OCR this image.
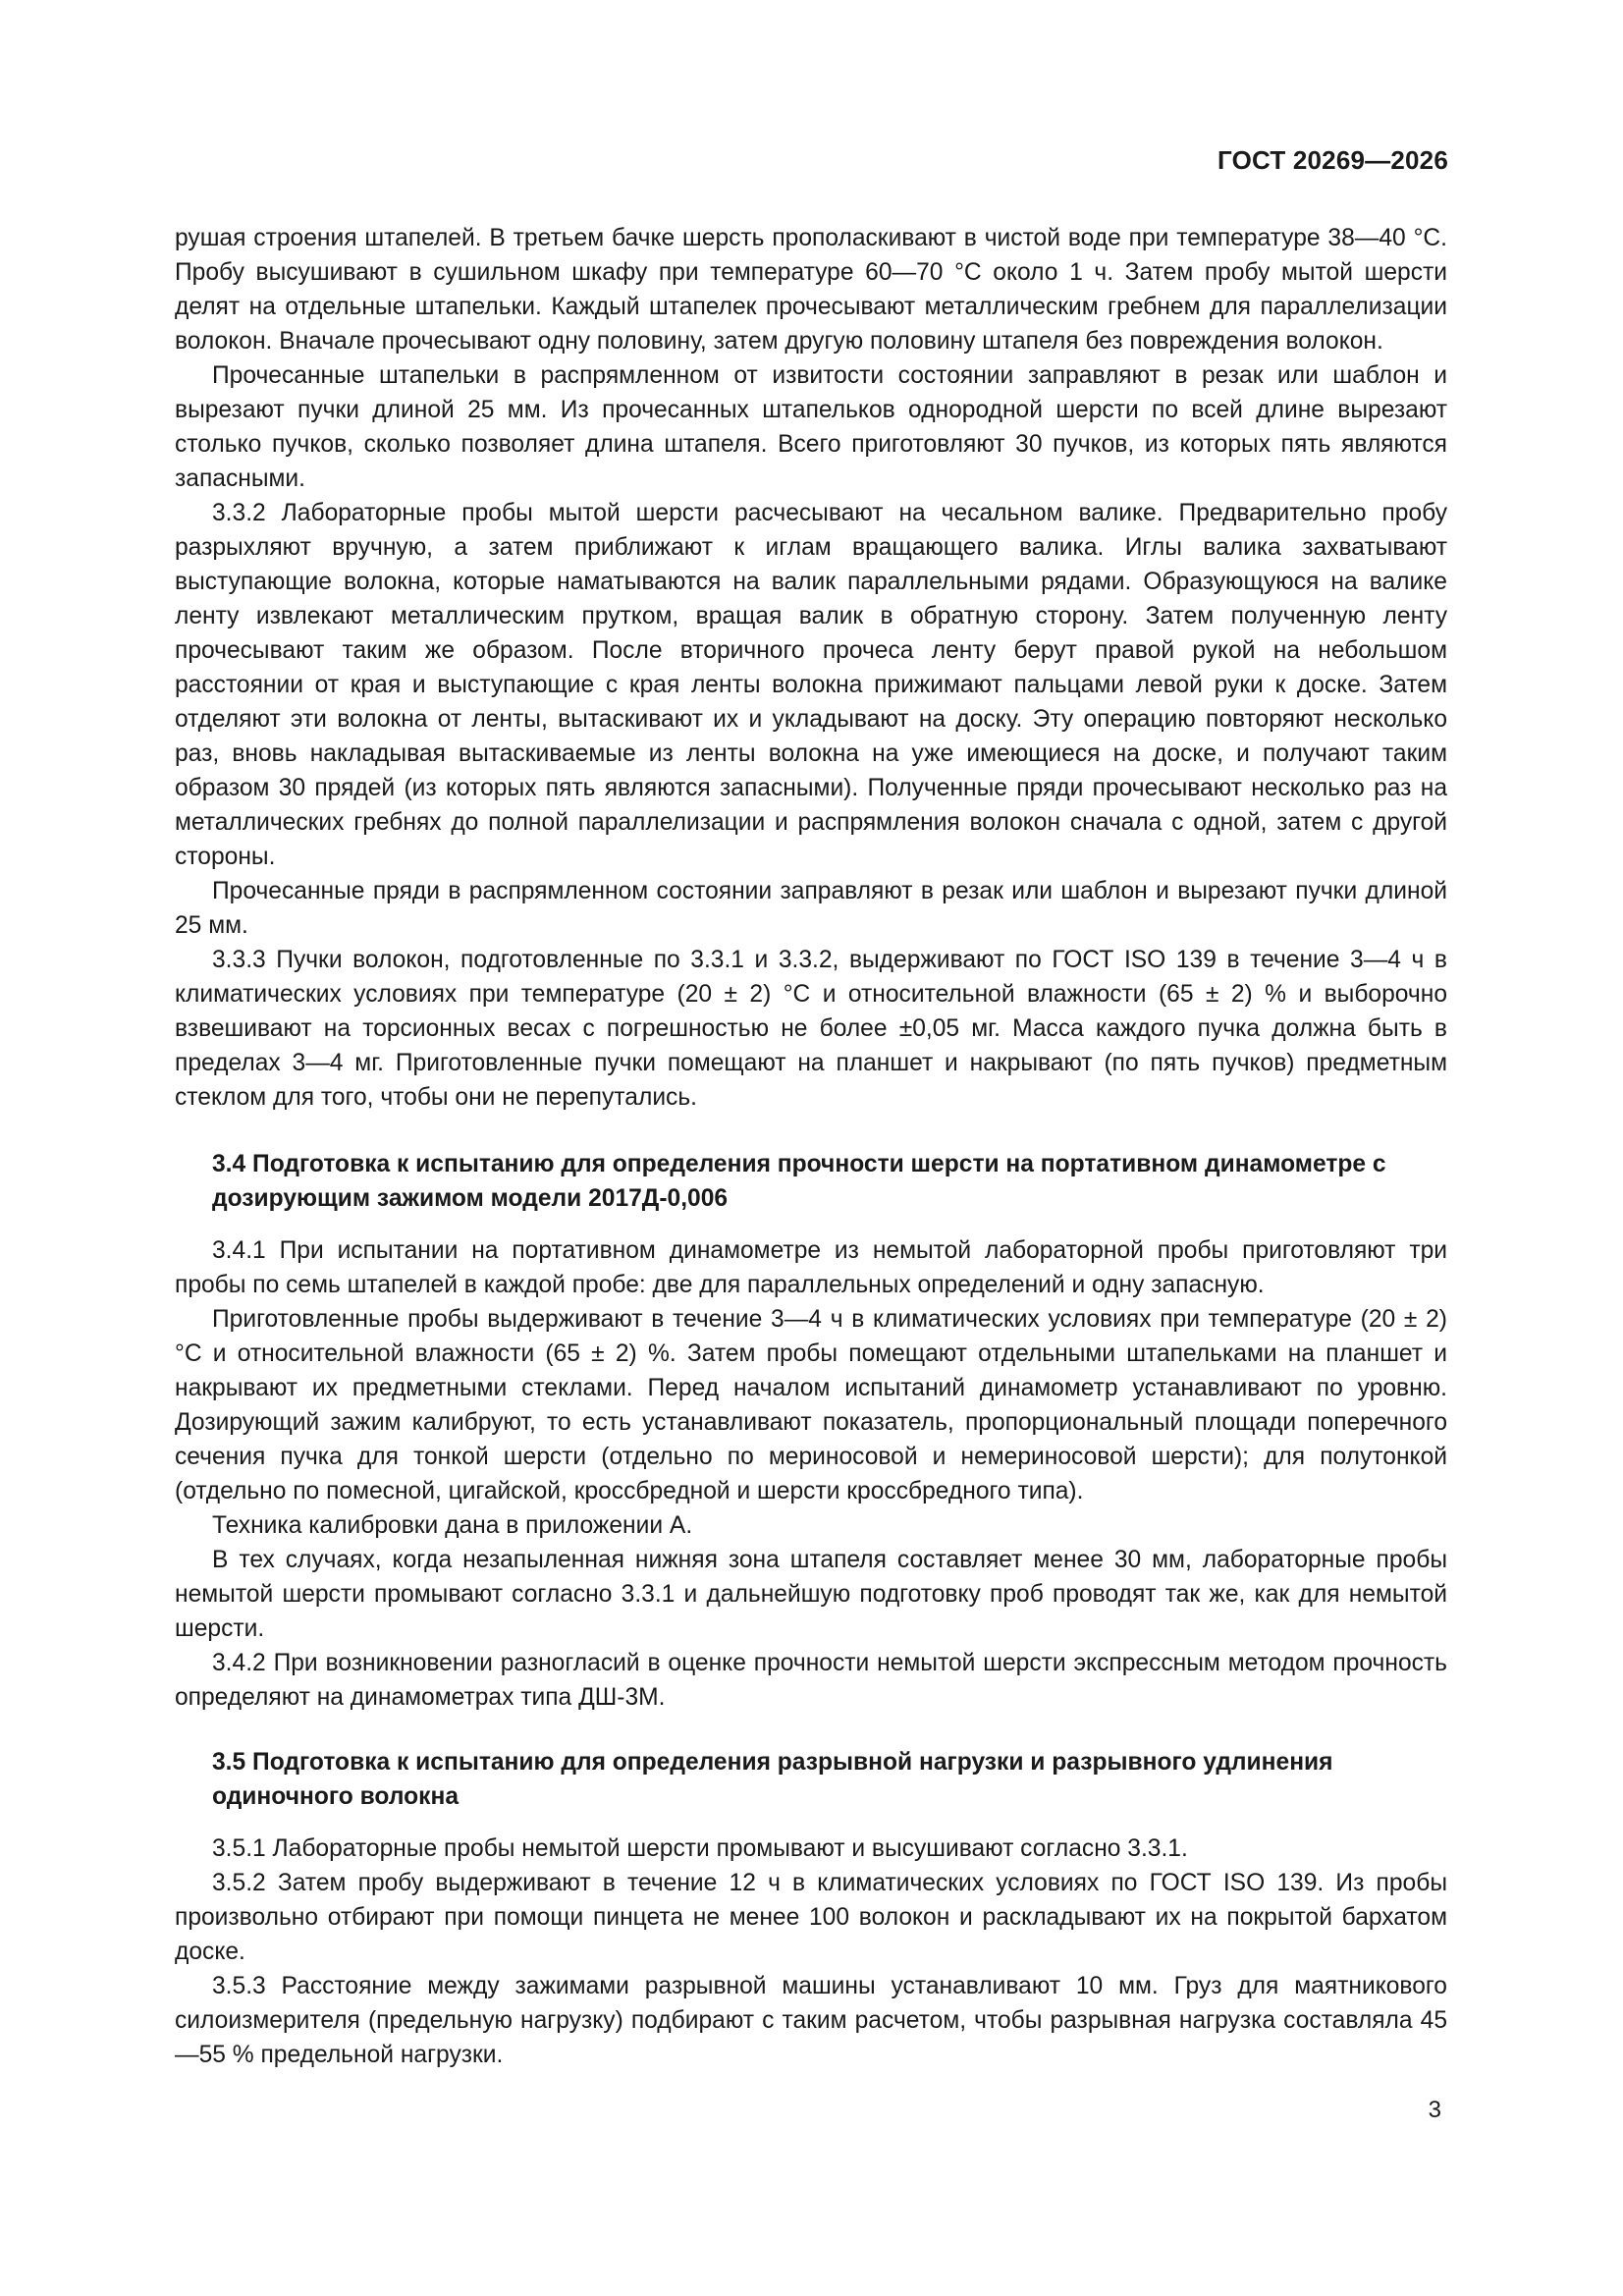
ГОСТ 20269—2026

рушая строения штапелей. В третьем бачке шерсть прополаскивают в чистой воде при температуре 38—40 °С. Пробу высушивают в сушильном шкафу при температуре 60—70 °С около 1 ч. Затем пробу мытой шерсти делят на отдельные штапельки. Каждый штапелек прочесывают металлическим гребнем для параллелизации волокон. Вначале прочесывают одну половину, затем другую половину штапеля без повреждения волокон.

Прочесанные штапельки в распрямленном от извитости состоянии заправляют в резак или шаблон и вырезают пучки длиной 25 мм. Из прочесанных штапельков однородной шерсти по всей длине вырезают столько пучков, сколько позволяет длина штапеля. Всего приготовляют 30 пучков, из которых пять являются запасными.

3.3.2 Лабораторные пробы мытой шерсти расчесывают на чесальном валике. Предварительно пробу разрыхляют вручную, а затем приближают к иглам вращающего валика. Иглы валика захватывают выступающие волокна, которые наматываются на валик параллельными рядами. Образующуюся на валике ленту извлекают металлическим прутком, вращая валик в обратную сторону. Затем полученную ленту прочесывают таким же образом. После вторичного прочеса ленту берут правой рукой на небольшом расстоянии от края и выступающие с края ленты волокна прижимают пальцами левой руки к доске. Затем отделяют эти волокна от ленты, вытаскивают их и укладывают на доску. Эту операцию повторяют несколько раз, вновь накладывая вытаскиваемые из ленты волокна на уже имеющиеся на доске, и получают таким образом 30 прядей (из которых пять являются запасными). Полученные пряди прочесывают несколько раз на металлических гребнях до полной параллелизации и распрямления волокон сначала с одной, затем с другой стороны.

Прочесанные пряди в распрямленном состоянии заправляют в резак или шаблон и вырезают пучки длиной 25 мм.

3.3.3 Пучки волокон, подготовленные по 3.3.1 и 3.3.2, выдерживают по ГОСТ ISO 139 в течение 3—4 ч в климатических условиях при температуре (20 ± 2) °С и относительной влажности (65 ± 2) % и выборочно взвешивают на торсионных весах с погрешностью не более ±0,05 мг. Масса каждого пучка должна быть в пределах 3—4 мг. Приготовленные пучки помещают на планшет и накрывают (по пять пучков) предметным стеклом для того, чтобы они не перепутались.

3.4 Подготовка к испытанию для определения прочности шерсти на портативном динамометре с дозирующим зажимом модели 2017Д-0,006

3.4.1 При испытании на портативном динамометре из немытой лабораторной пробы приготовляют три пробы по семь штапелей в каждой пробе: две для параллельных определений и одну запасную.

Приготовленные пробы выдерживают в течение 3—4 ч в климатических условиях при температуре (20 ± 2) °С и относительной влажности (65 ± 2) %. Затем пробы помещают отдельными штапельками на планшет и накрывают их предметными стеклами. Перед началом испытаний динамометр устанавливают по уровню. Дозирующий зажим калибруют, то есть устанавливают показатель, пропорциональный площади поперечного сечения пучка для тонкой шерсти (отдельно по мериносовой и немериносовой шерсти); для полутонкой (отдельно по помесной, цигайской, кроссбредной и шерсти кроссбредного типа).

Техника калибровки дана в приложении А.

В тех случаях, когда незапыленная нижняя зона штапеля составляет менее 30 мм, лабораторные пробы немытой шерсти промывают согласно 3.3.1 и дальнейшую подготовку проб проводят так же, как для немытой шерсти.

3.4.2 При возникновении разногласий в оценке прочности немытой шерсти экспрессным методом прочность определяют на динамометрах типа ДШ-3М.

3.5 Подготовка к испытанию для определения разрывной нагрузки и разрывного удлинения одиночного волокна

3.5.1 Лабораторные пробы немытой шерсти промывают и высушивают согласно 3.3.1.

3.5.2 Затем пробу выдерживают в течение 12 ч в климатических условиях по ГОСТ ISO 139. Из пробы произвольно отбирают при помощи пинцета не менее 100 волокон и раскладывают их на покрытой бархатом доске.

3.5.3 Расстояние между зажимами разрывной машины устанавливают 10 мм. Груз для маятникового силоизмерителя (предельную нагрузку) подбирают с таким расчетом, чтобы разрывная нагрузка составляла 45—55 % предельной нагрузки.

3
